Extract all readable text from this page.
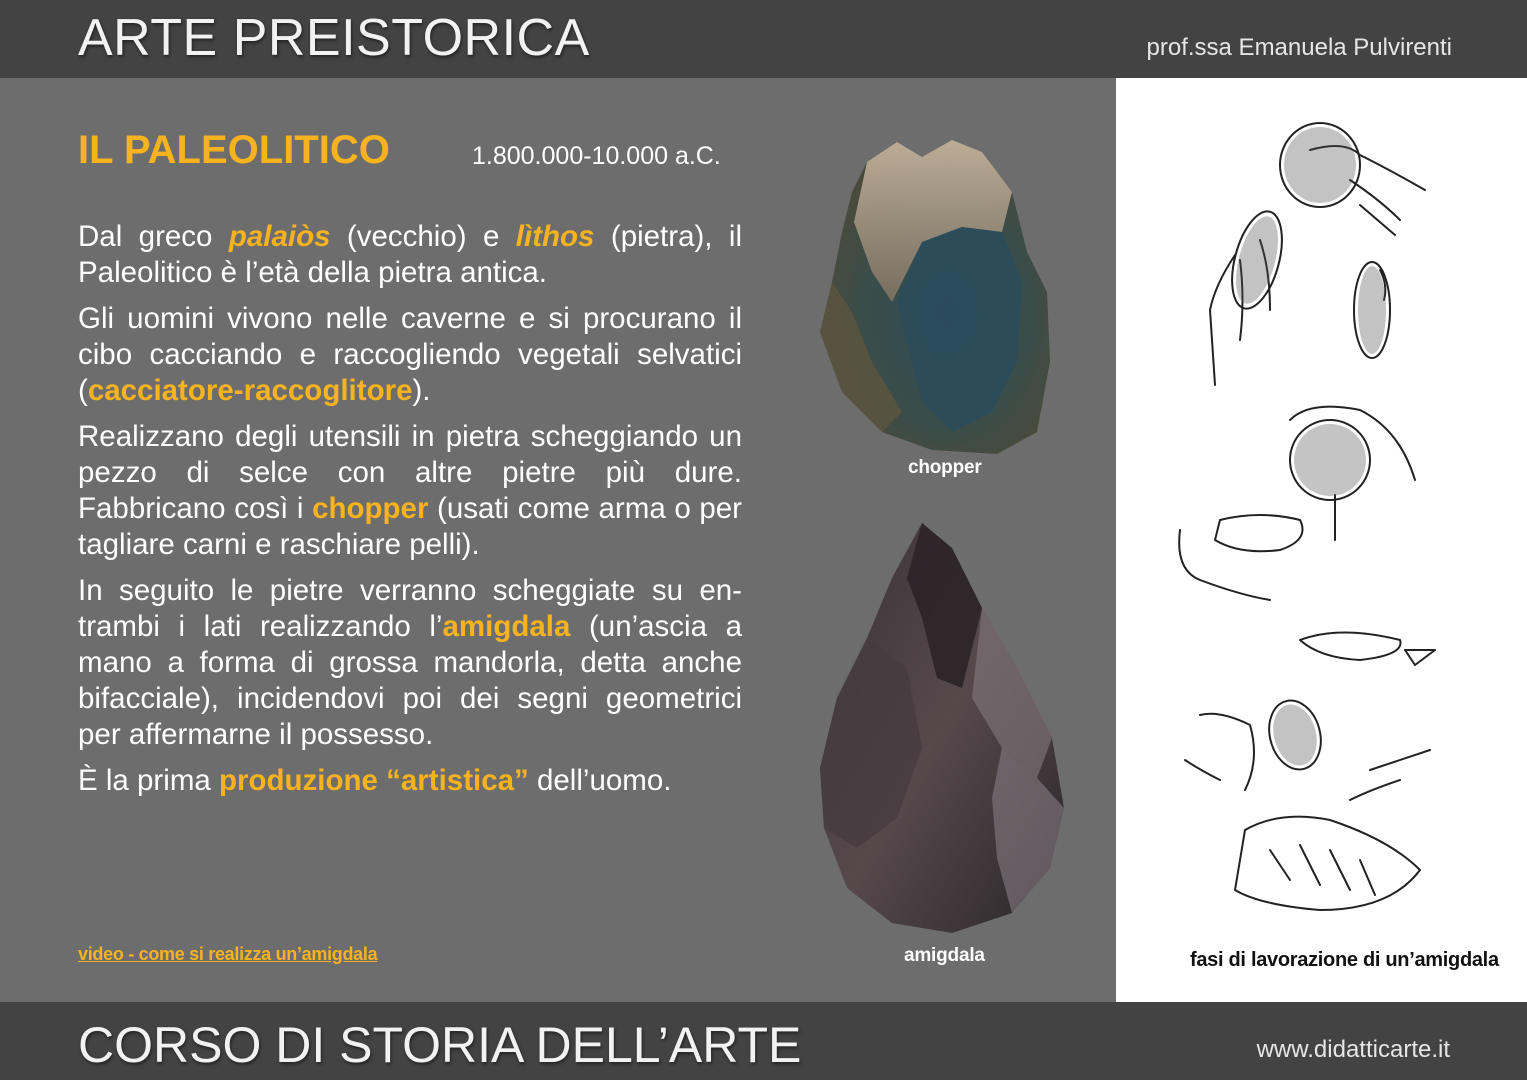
ARTE PREISTORICA	prof.ssa Emanuela Pulvirenti
IL PALEOLITICO	1.800.000-10.000 a.C.

Dal greco palaiòs (vecchio) e lìthos (pietra), il Paleolitico è l’età della pietra antica.

Gli uomini vivono nelle caverne e si procurano il cibo cacciando e raccogliendo vegetali selvatici (cacciatore-raccoglitore).

Realizzano degli utensili in pietra scheggiando un pezzo di selce con altre pietre più dure. Fabbricano così i chopper (usati come arma o per tagliare carni e raschiare pelli).

In seguito le pietre verranno scheggiate su entrambi i lati realizzando l’amigdala (un’ascia a mano a forma di grossa mandorla, detta anche bifacciale), incidendovi poi dei segni geometrici per affermarne il possesso.

È la prima produzione “artistica” dell’uomo.

video - come si realizza un’amigdala
chopper
amigdala	fasi di lavorazione di un’amigdala
CORSO DI STORIA DELL’ARTE	www.didatticarte.it
